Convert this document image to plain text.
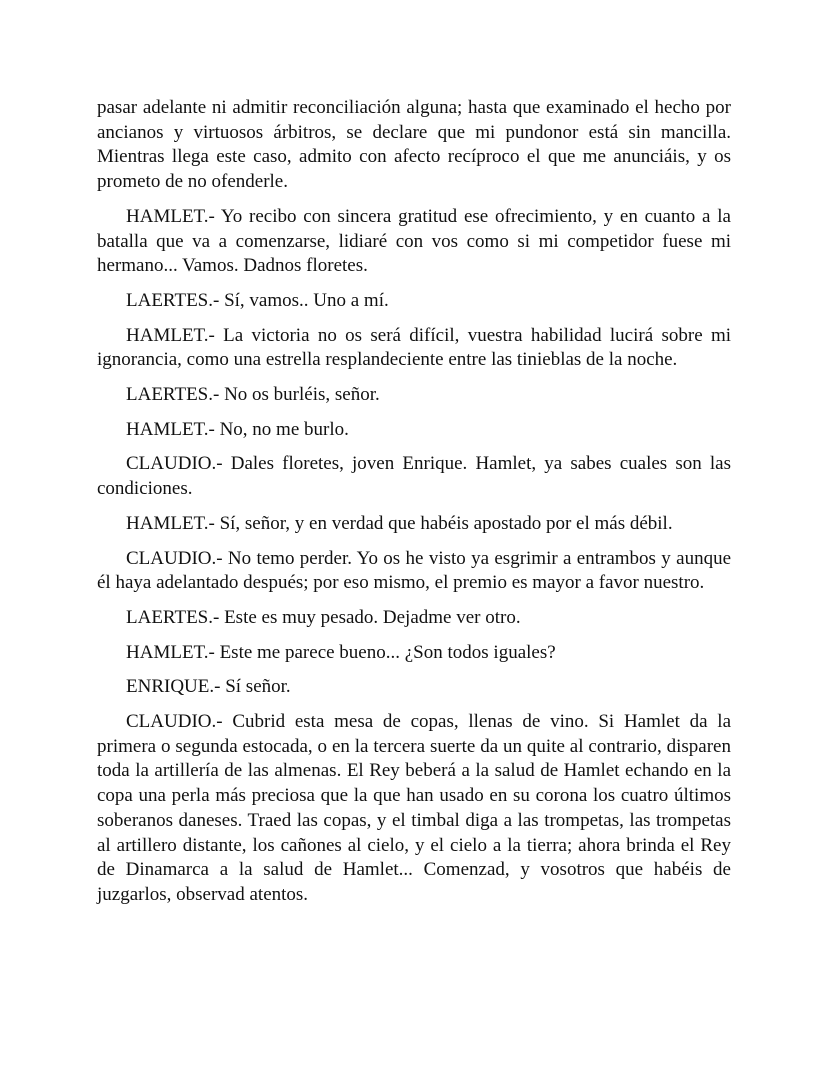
pasar adelante ni admitir reconciliación alguna; hasta que examinado el hecho por ancianos y virtuosos árbitros, se declare que mi pundonor está sin mancilla. Mientras llega este caso, admito con afecto recíproco el que me anunciáis, y os prometo de no ofenderle.

HAMLET.- Yo recibo con sincera gratitud ese ofrecimiento, y en cuanto a la batalla que va a comenzarse, lidiaré con vos como si mi competidor fuese mi hermano... Vamos. Dadnos floretes.

LAERTES.- Sí, vamos.. Uno a mí.

HAMLET.- La victoria no os será difícil, vuestra habilidad lucirá sobre mi ignorancia, como una estrella resplandeciente entre las tinieblas de la noche.

LAERTES.- No os burléis, señor.

HAMLET.- No, no me burlo.

CLAUDIO.- Dales floretes, joven Enrique. Hamlet, ya sabes cuales son las condiciones.

HAMLET.- Sí, señor, y en verdad que habéis apostado por el más débil.

CLAUDIO.- No temo perder. Yo os he visto ya esgrimir a entrambos y aunque él haya adelantado después; por eso mismo, el premio es mayor a favor nuestro.

LAERTES.- Este es muy pesado. Dejadme ver otro.

HAMLET.- Este me parece bueno... ¿Son todos iguales?

ENRIQUE.- Sí señor.

CLAUDIO.- Cubrid esta mesa de copas, llenas de vino. Si Hamlet da la primera o segunda estocada, o en la tercera suerte da un quite al contrario, disparen toda la artillería de las almenas. El Rey beberá a la salud de Hamlet echando en la copa una perla más preciosa que la que han usado en su corona los cuatro últimos soberanos daneses. Traed las copas, y el timbal diga a las trompetas, las trompetas al artillero distante, los cañones al cielo, y el cielo a la tierra; ahora brinda el Rey de Dinamarca a la salud de Hamlet... Comenzad, y vosotros que habéis de juzgarlos, observad atentos.
